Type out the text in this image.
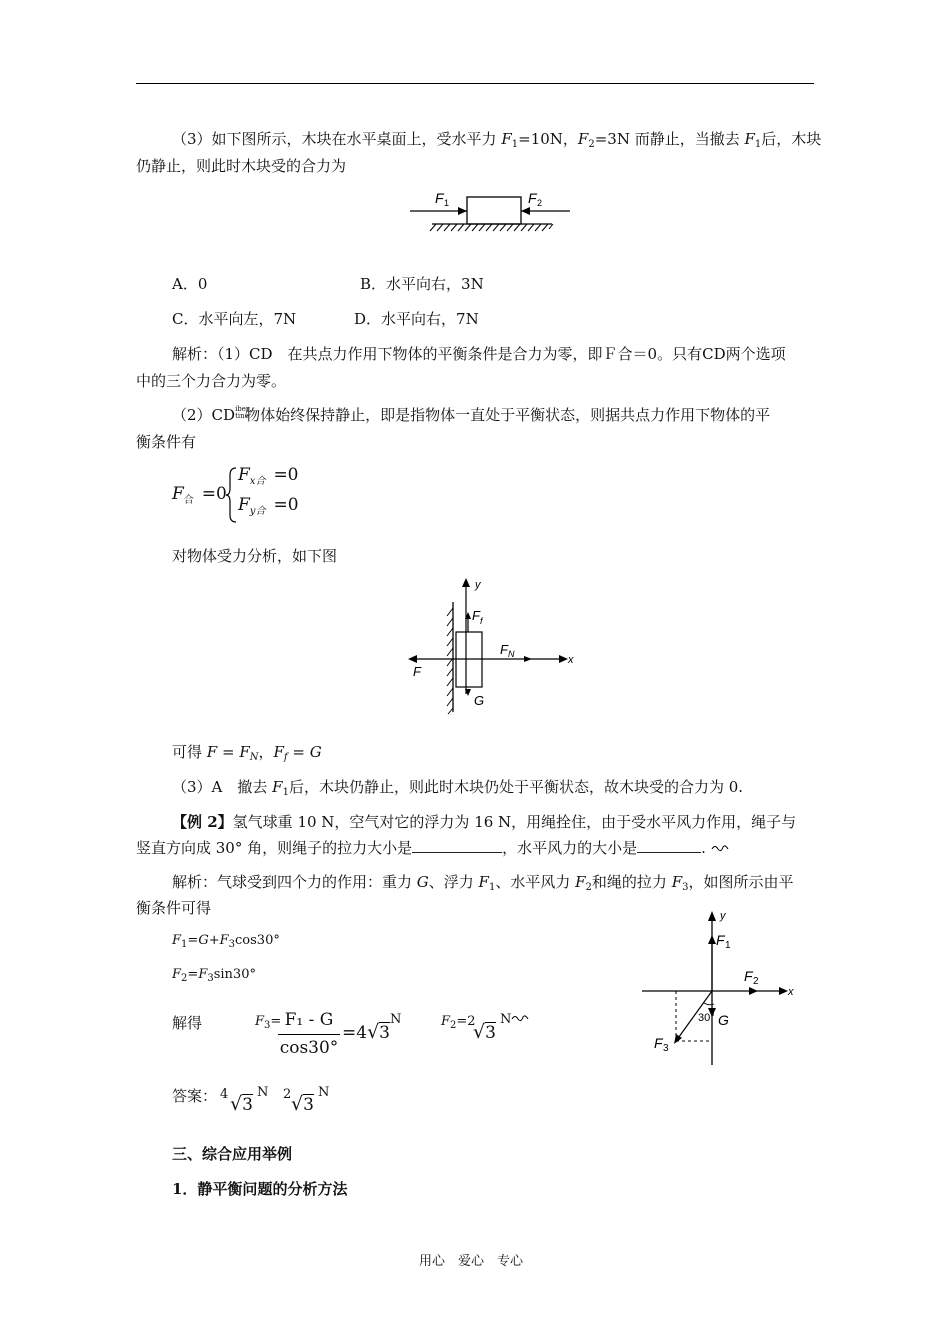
（3）如下图所示，木块在水平桌面上，受水平力 $F_1=10N$，$F_2=3N$ 而静止，当撤去 $F_1$后，木块
仍静止，则此时木块受的合力为
F 1	F 2
A．0	B．水平向右，3N
C．水平向左，7N	D．水平向右，7N
解析：（1）CD　在共点力作用下物体的平衡条件是合力为零，即Ｆ合＝0。只有CD两个选项
中的三个力合力为零。
（2）CDiber
tine物体始终保持静止，即是指物体一直处于平衡状态，则据共点力作用下物体的平
衡条件有
$F_合 =0$
$F_{x合} =0$
$F_{y合} =0$
对物体受力分析，如下图
y
x
F f
F N
F
G
可得 $F = F_N$，$F_f = G$
（3）A　撤去 $F_1$后，木块仍静止，则此时木块仍处于平衡状态，故木块受的合力为 0.
【例 2】氢气球重 10 N，空气对它的浮力为 16 N，用绳拴住，由于受水平风力作用，绳子与
竖直方向成 30° 角，则绳子的拉力大小是	，水平风力的大小是	.
解析：气球受到四个力的作用：重力 G、浮力 $F_1$、水平风力 $F_2$和绳的拉力 $F_3$，如图所示由平
衡条件可得
$F_1=G+F_3\cos 30^\circ$
$F_2=F_3\sin 30^\circ$
解得	$F_3= F_1 - G$
cos30°
=4√3
N	$F_2=2$
√3
N
y
x
F 1
F 2
F 3
G
30°
答案： 4 √3
N 2 √3
N
三、综合应用举例
1．静平衡问题的分析方法
用心　爱心　专心
